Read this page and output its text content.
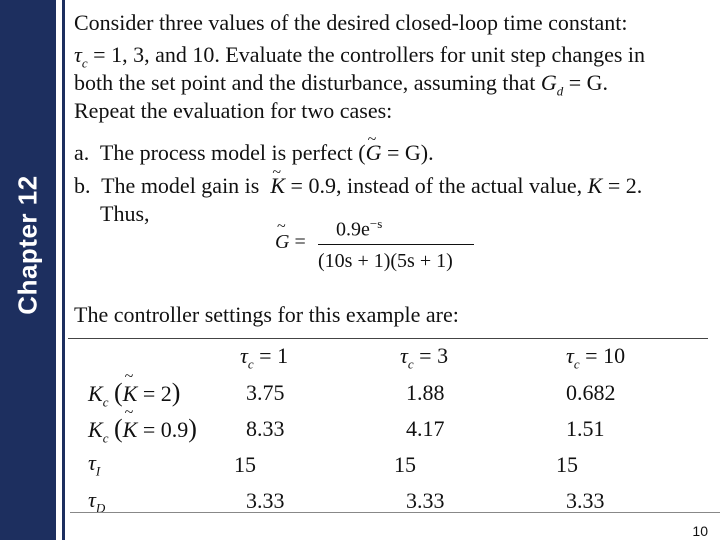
Chapter 12
Consider three values of the desired closed-loop time constant:
$\tau_c = 1$, 3, and 10. Evaluate the controllers for unit step changes in
both the set point and the disturbance, assuming that $G_d = G$.
Repeat the evaluation for two cases:
a. The process model is perfect (~ G = G).
b. The model gain is  ~ K = 0.9, instead of the actual value, K = 2.
Thus,
~ G =
$0.9e^{-s}$
(10s + 1)(5s + 1)
The controller settings for this example are:
$\tau_c = 1$	$\tau_c = 3$	$\tau_c = 10$
$K_c$ (~ K = 2)
$K_c$ (~ K = 0.9)
$\tau_I$
$\tau_D$
3.75	1.88	0.682
8.33	4.17	1.51
15	15	15
3.33	3.33	3.33
10
